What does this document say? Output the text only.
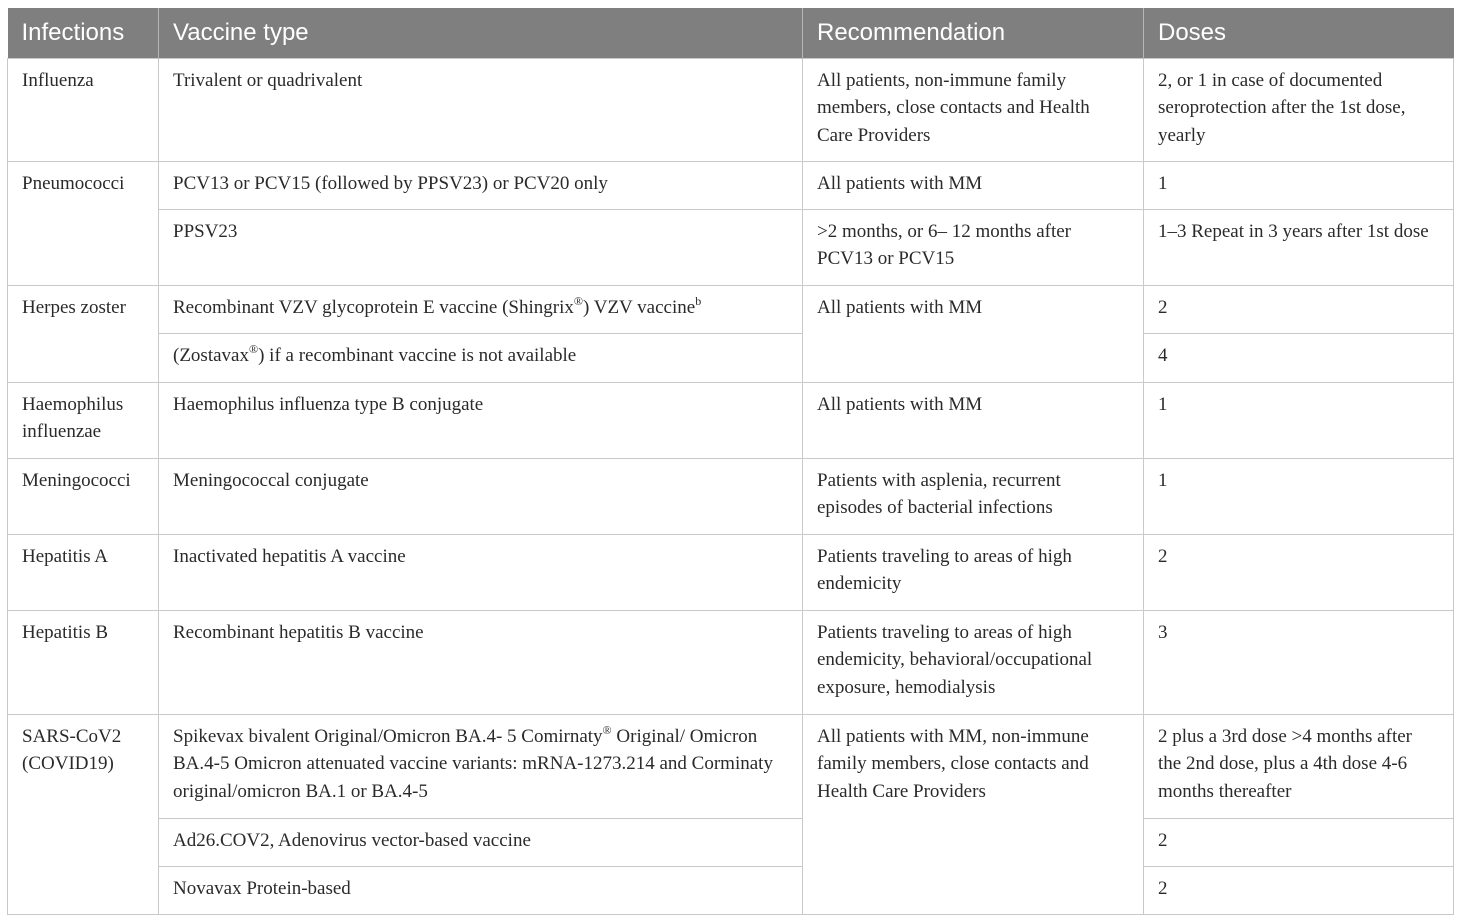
Infections	Vaccine type	Recommendation	Doses
Influenza	Trivalent or quadrivalent	All patients, non-immune family members, close contacts and Health Care Providers	2, or 1 in case of documented seroprotection after the 1st dose, yearly
Pneumococci	PCV13 or PCV15 (followed by PPSV23) or PCV20 only	All patients with MM	1
	PPSV23	>2 months, or 6– 12 months after PCV13 or PCV15	1–3 Repeat in 3 years after 1st dose
Herpes zoster	Recombinant VZV glycoprotein E vaccine (Shingrix®) VZV vaccine$^b$	All patients with MM	2
	(Zostavax®) if a recombinant vaccine is not available		4
Haemophilus influenzae	Haemophilus influenza type B conjugate	All patients with MM	1
Meningococci	Meningococcal conjugate	Patients with asplenia, recurrent episodes of bacterial infections	1
Hepatitis A	Inactivated hepatitis A vaccine	Patients traveling to areas of high endemicity	2
Hepatitis B	Recombinant hepatitis B vaccine	Patients traveling to areas of high endemicity, behavioral/occupational exposure, hemodialysis	3
SARS-CoV2 (COVID19)	Spikevax bivalent Original/Omicron BA.4- 5 Comirnaty® Original/ Omicron BA.4-5 Omicron attenuated vaccine variants: mRNA-1273.214 and Corminaty original/omicron BA.1 or BA.4-5	All patients with MM, non-immune family members, close contacts and Health Care Providers	2 plus a 3rd dose >4 months after the 2nd dose, plus a 4th dose 4-6 months thereafter
	Ad26.COV2, Adenovirus vector-based vaccine		2
	Novavax Protein-based		2
